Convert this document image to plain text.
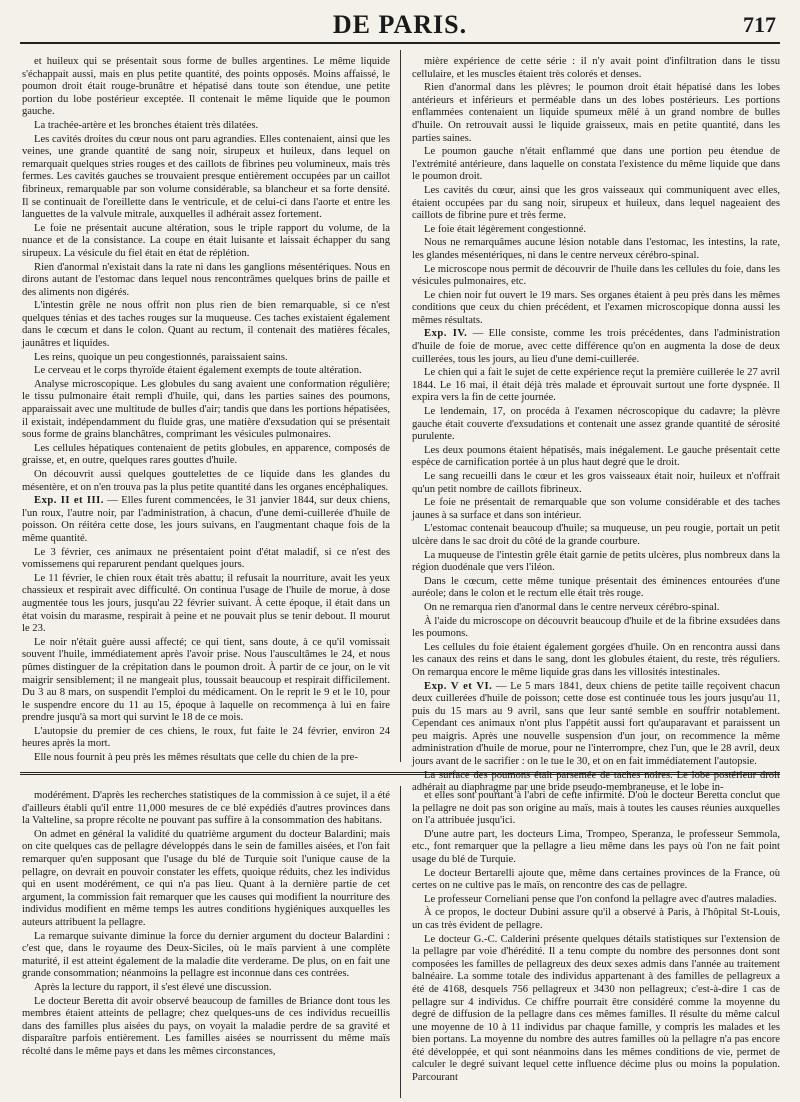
DE PARIS.	717

et huileux qui se présentait sous forme de bulles argentines. Le même liquide s'échappait aussi, mais en plus petite quantité, des points opposés. Moins affaissé, le poumon droit était rouge-brunâtre et hépatisé dans toute son étendue, une petite portion du lobe postérieur exceptée. Il contenait le même liquide que le poumon gauche.

La trachée-artère et les bronches étaient très dilatées.

Les cavités droites du cœur nous ont paru agrandies. Elles contenaient, ainsi que les veines, une grande quantité de sang noir, sirupeux et huileux, dans lequel on remarquait quelques stries rouges et des caillots de fibrines peu volumineux, mais très fermes. Les cavités gauches se trouvaient presque entièrement occupées par un caillot fibrineux, remarquable par son volume considérable, sa blancheur et sa forte densité. Il se continuait de l'oreillette dans le ventricule, et de celui-ci dans l'aorte et entre les languettes de la valvule mitrale, auxquelles il adhérait assez fortement.

Le foie ne présentait aucune altération, sous le triple rapport du volume, de la nuance et de la consistance. La coupe en était luisante et laissait échapper du sang sirupeux. La vésicule du fiel était en état de réplétion.

Rien d'anormal n'existait dans la rate ni dans les ganglions mésentériques. Nous en dirons autant de l'estomac dans lequel nous rencontrâmes quelques brins de paille et des aliments non digérés.

L'intestin grêle ne nous offrit non plus rien de bien remarquable, si ce n'est quelques ténias et des taches rouges sur la muqueuse. Ces taches existaient également dans le cœcum et dans le colon. Quant au rectum, il contenait des matières fécales, jaunâtres et liquides.

Les reins, quoique un peu congestionnés, paraissaient sains.

Le cerveau et le corps thyroïde étaient également exempts de toute altération.

Analyse microscopique. Les globules du sang avaient une conformation régulière; le tissu pulmonaire était rempli d'huile, qui, dans les parties saines des poumons, apparaissait avec une multitude de bulles d'air; tandis que dans les portions hépatisées, il existait, indépendamment du fluide gras, une matière d'exsudation qui se présentait sous forme de grains blanchâtres, comprimant les vésicules pulmonaires.

Les cellules hépatiques contenaient de petits globules, en apparence, composés de graisse, et, en outre, quelques rares gouttes d'huile.

On découvrit aussi quelques gouttelettes de ce liquide dans les glandes du mésentère, et on n'en trouva pas la plus petite quantité dans les organes encéphaliques.

Exp. II et III. — Elles furent commencées, le 31 janvier 1844, sur deux chiens, l'un roux, l'autre noir, par l'administration, à chacun, d'une demi-cuillerée d'huile de poisson. On réitéra cette dose, les jours suivans, en l'augmentant chaque fois de la même quantité.

Le 3 février, ces animaux ne présentaient point d'état maladif, si ce n'est des vomissemens qui reparurent pendant quelques jours.

Le 11 février, le chien roux était très abattu; il refusait la nourriture, avait les yeux chassieux et respirait avec difficulté. On continua l'usage de l'huile de morue, à dose augmentée tous les jours, jusqu'au 22 février suivant. À cette époque, il était dans un état voisin du marasme, respirait à peine et ne pouvait plus se tenir debout. Il mourut le 23.

Le noir n'était guère aussi affecté; ce qui tient, sans doute, à ce qu'il vomissait souvent l'huile, immédiatement après l'avoir prise. Nous l'auscultâmes le 24, et nous pûmes distinguer de la crépitation dans le poumon droit. À partir de ce jour, on le vit maigrir sensiblement; il ne mangeait plus, toussait beaucoup et respirait difficilement. Du 3 au 8 mars, on suspendit l'emploi du médicament. On le reprit le 9 et le 10, pour le suspendre encore du 11 au 15, époque à laquelle on recommença à lui en faire prendre jusqu'à sa mort qui survint le 18 de ce mois.

L'autopsie du premier de ces chiens, le roux, fut faite le 24 février, environ 24 heures après la mort.

Elle nous fournit à peu près les mêmes résultats que celle du chien de la pre-

mière expérience de cette série : il n'y avait point d'infiltration dans le tissu cellulaire, et les muscles étaient très colorés et denses.

Rien d'anormal dans les plèvres; le poumon droit était hépatisé dans les lobes antérieurs et inférieurs et perméable dans un des lobes postérieurs. Les portions enflammées contenaient un liquide spumeux mêlé à un grand nombre de bulles d'huile. On retrouvait aussi le liquide graisseux, mais en petite quantité, dans les parties saines.

Le poumon gauche n'était enflammé que dans une portion peu étendue de l'extrémité antérieure, dans laquelle on constata l'existence du même liquide que dans le poumon droit.

Les cavités du cœur, ainsi que les gros vaisseaux qui communiquent avec elles, étaient occupées par du sang noir, sirupeux et huileux, dans lequel nageaient des caillots de fibrine pure et très ferme.

Le foie était légèrement congestionné.

Nous ne remarquâmes aucune lésion notable dans l'estomac, les intestins, la rate, les glandes mésentériques, ni dans le centre nerveux cérébro-spinal.

Le microscope nous permit de découvrir de l'huile dans les cellules du foie, dans les vésicules pulmonaires, etc.

Le chien noir fut ouvert le 19 mars. Ses organes étaient à peu près dans les mêmes conditions que ceux du chien précédent, et l'examen microscopique donna aussi les mêmes résultats.

Exp. IV. — Elle consiste, comme les trois précédentes, dans l'administration d'huile de foie de morue, avec cette différence qu'on en augmenta la dose de deux cuillerées, tous les jours, au lieu d'une demi-cuillerée.

Le chien qui a fait le sujet de cette expérience reçut la première cuillerée le 27 avril 1844. Le 16 mai, il était déjà très malade et éprouvait surtout une forte dyspnée. Il expira vers la fin de cette journée.

Le lendemain, 17, on procéda à l'examen nécroscopique du cadavre; la plèvre gauche était couverte d'exsudations et contenait une assez grande quantité de sérosité purulente.

Les deux poumons étaient hépatisés, mais inégalement. Le gauche présentait cette espèce de carnification portée à un plus haut degré que le droit.

Le sang recueilli dans le cœur et les gros vaisseaux était noir, huileux et n'offrait qu'un petit nombre de caillots fibrineux.

Le foie ne présentait de remarquable que son volume considérable et des taches jaunes à sa surface et dans son intérieur.

L'estomac contenait beaucoup d'huile; sa muqueuse, un peu rougie, portait un petit ulcère dans le sac droit du côté de la grande courbure.

La muqueuse de l'intestin grêle était garnie de petits ulcères, plus nombreux dans la région duodénale que vers l'iléon.

Dans le cœcum, cette même tunique présentait des éminences entourées d'une auréole; dans le colon et le rectum elle était très rouge.

On ne remarqua rien d'anormal dans le centre nerveux cérébro-spinal.

À l'aide du microscope on découvrit beaucoup d'huile et de la fibrine exsudées dans les poumons.

Les cellules du foie étaient également gorgées d'huile. On en rencontra aussi dans les canaux des reins et dans le sang, dont les globules étaient, du reste, très réguliers. On remarqua encore le même liquide gras dans les villosités intestinales.

Exp. V et VI. — Le 5 mars 1841, deux chiens de petite taille reçoivent chacun deux cuillerées d'huile de poisson; cette dose est continuée tous les jours jusqu'au 11, puis du 15 mars au 9 avril, sans que leur santé semble en souffrir notablement. Cependant ces animaux n'ont plus l'appétit aussi fort qu'auparavant et paraissent un peu maigris. Après une nouvelle suspension d'un jour, on recommence la même administration d'huile de morue, pour ne l'interrompre, chez l'un, que le 28 avril, deux jours avant de le sacrifier : on le tue le 30, et on en fait immédiatement l'autopsie.

La surface des poumons était parsemée de taches noires. Le lobe postérieur droit adhérait au diaphragme par une bride pseudo-membraneuse, et le lobe in-

modérément. D'après les recherches statistiques de la commission à ce sujet, il a été d'ailleurs établi qu'il entre 11,000 mesures de ce blé expédiés d'autres provinces dans la Valteline, sa propre récolte ne pouvant pas suffire à la consommation des habitans.

On admet en général la validité du quatrième argument du docteur Balardini; mais on cite quelques cas de pellagre développés dans le sein de familles aisées, et l'on fait remarquer qu'en supposant que l'usage du blé de Turquie soit l'unique cause de la pellagre, on devrait en pouvoir constater les effets, quoique réduits, chez les individus qui en usent modérément, ce qui n'a pas lieu. Quant à la dernière partie de cet argument, la commission fait remarquer que les causes qui modifient la nourriture des individus modifient en même temps les autres conditions hygiéniques auxquelles les auteurs attribuent la pellagre.

La remarque suivante diminue la force du dernier argument du docteur Balardini : c'est que, dans le royaume des Deux-Siciles, où le maïs parvient à une complète maturité, il est atteint également de la maladie dite verderame. De plus, on en fait une grande consommation; néanmoins la pellagre est inconnue dans ces contrées.

Après la lecture du rapport, il s'est élevé une discussion.

Le docteur Beretta dit avoir observé beaucoup de familles de Briance dont tous les membres étaient atteints de pellagre; chez quelques-uns de ces individus recueillis dans des familles plus aisées du pays, on voyait la maladie perdre de sa gravité et disparaître parfois entièrement. Les familles aisées se nourrissent du même maïs récolté dans le même pays et dans les mêmes circonstances,

et elles sont pourtant à l'abri de cette infirmité. D'où le docteur Beretta conclut que la pellagre ne doit pas son origine au maïs, mais à toutes les causes réunies auxquelles on l'a attribuée jusqu'ici.

D'une autre part, les docteurs Lima, Trompeo, Speranza, le professeur Semmola, etc., font remarquer que la pellagre a lieu même dans les pays où l'on ne fait point usage du blé de Turquie.

Le docteur Bertarelli ajoute que, même dans certaines provinces de la France, où certes on ne cultive pas le maïs, on rencontre des cas de pellagre.

Le professeur Corneliani pense que l'on confond la pellagre avec d'autres maladies.

À ce propos, le docteur Dubini assure qu'il a observé à Paris, à l'hôpital St-Louis, un cas très évident de pellagre.

Le docteur G.-C. Calderini présente quelques détails statistiques sur l'extension de la pellagre par voie d'hérédité. Il a tenu compte du nombre des personnes dont sont composées les familles de pellagreux des deux sexes admis dans l'année au traitement balnéaire. La somme totale des individus appartenant à des familles de pellagreux a été de 4168, desquels 756 pellagreux et 3430 non pellagreux; c'est-à-dire 1 cas de pellagre sur 4 individus. Ce chiffre pourrait être considéré comme la moyenne du degré de diffusion de la pellagre dans ces mêmes familles. Il résulte du même calcul une moyenne de 10 à 11 individus par chaque famille, y compris les malades et les bien portans. La moyenne du nombre des autres familles où la pellagre n'a pas encore été développée, et qui sont néanmoins dans les mêmes conditions de vie, permet de calculer le degré suivant lequel cette influence décime plus ou moins la population. Parcourant
